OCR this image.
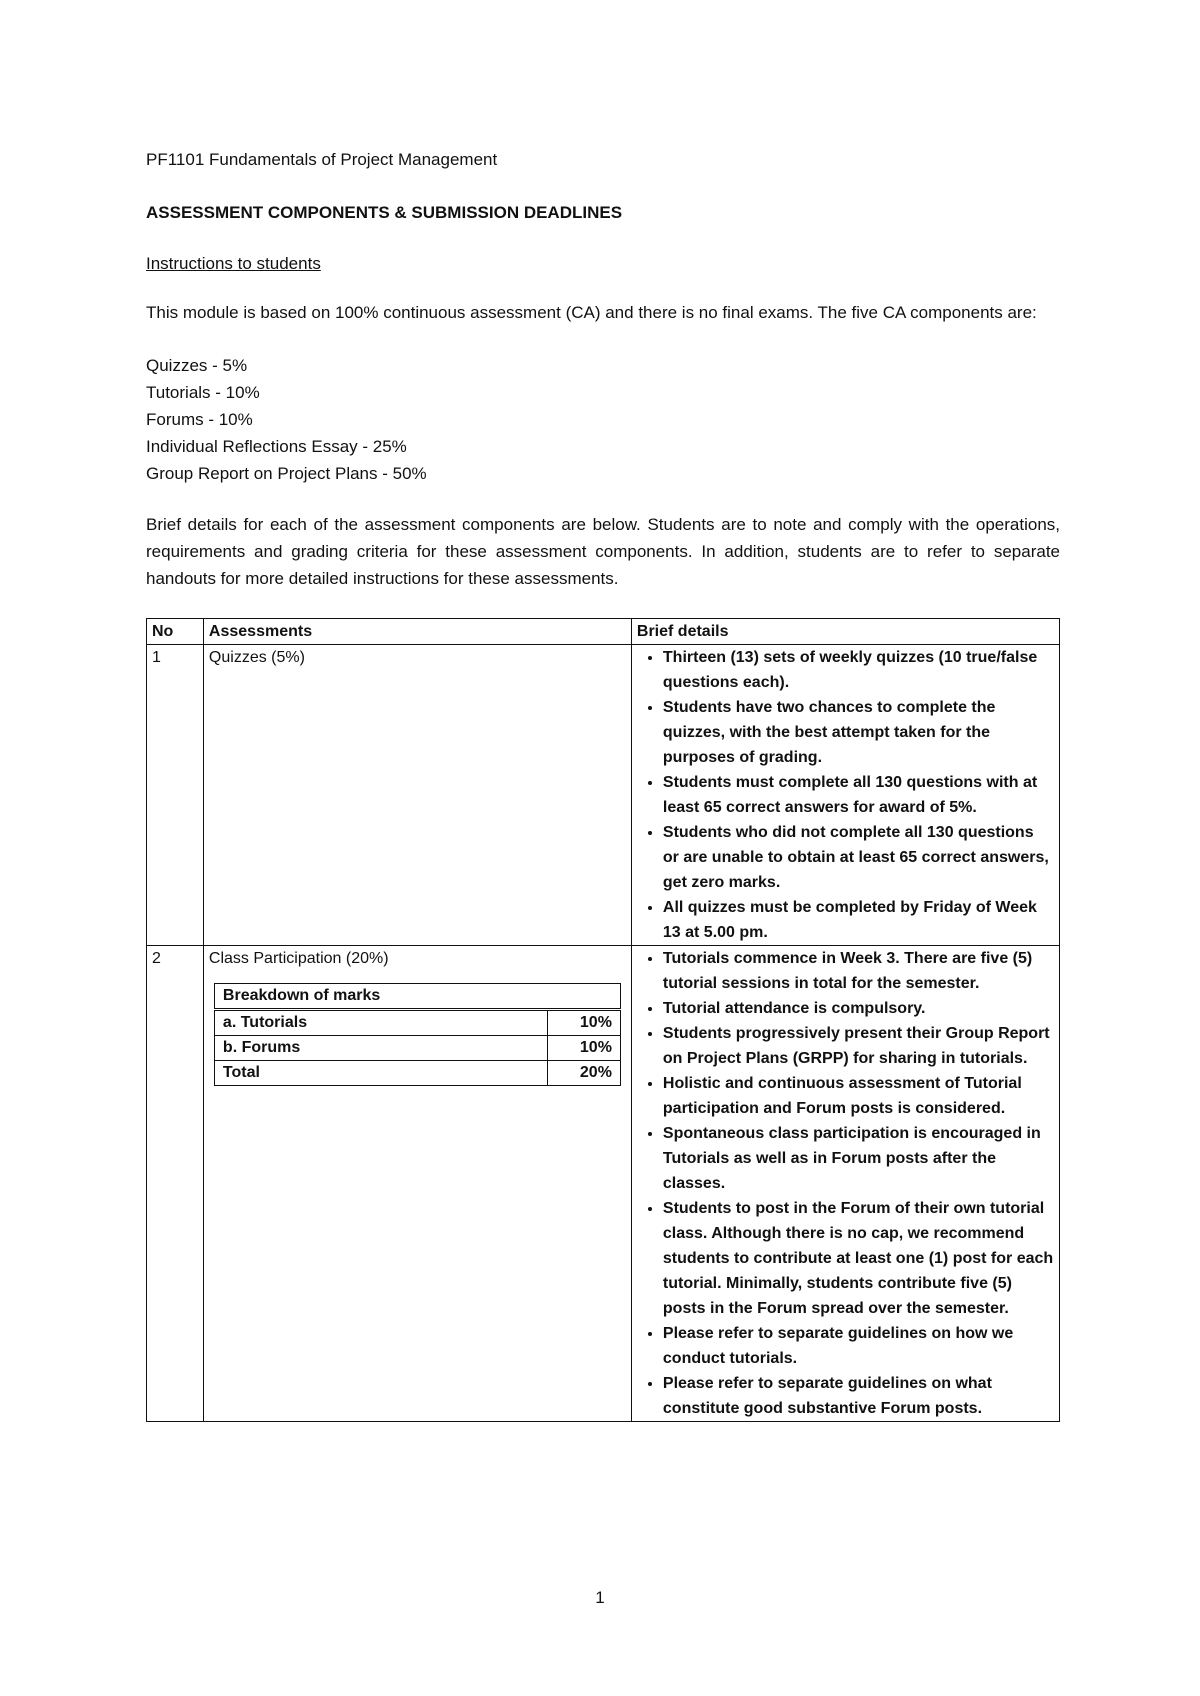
PF1101 Fundamentals of Project Management
ASSESSMENT COMPONENTS & SUBMISSION DEADLINES
Instructions to students

This module is based on 100% continuous assessment (CA) and there is no final exams. The five CA components are:

Quizzes - 5%
Tutorials - 10%
Forums - 10%
Individual Reflections Essay - 25%
Group Report on Project Plans - 50%

Brief details for each of the assessment components are below. Students are to note and comply with the operations, requirements and grading criteria for these assessment components. In addition, students are to refer to separate handouts for more detailed instructions for these assessments.

No	Assessments	Brief details
1	Quizzes (5%)	
•Thirteen (13) sets of weekly quizzes (10 true/false questions each).
• Students have two chances to complete the quizzes, with the best attempt taken for the purposes of grading.
• Students must complete all 130 questions with at least 65 correct answers for award of 5%.
• Students who did not complete all 130 questions or are unable to obtain at least 65 correct answers, get zero marks.
• All quizzes must be completed by Friday of Week 13 at 5.00 pm.

2	Class Participation (20%)
Breakdown of marks
a. Tutorials	10%
b. Forums	10%
Total	20%

• Tutorials commence in Week 3. There are five (5) tutorial sessions in total for the semester.
• Tutorial attendance is compulsory.
• Students progressively present their Group Report on Project Plans (GRPP) for sharing in tutorials.
• Holistic and continuous assessment of Tutorial participation and Forum posts is considered.
• Spontaneous class participation is encouraged in Tutorials as well as in Forum posts after the classes.
• Students to post in the Forum of their own tutorial class. Although there is no cap, we recommend students to contribute at least one (1) post for each tutorial. Minimally, students contribute five (5) posts in the Forum spread over the semester.
• Please refer to separate guidelines on how we conduct tutorials.
• Please refer to separate guidelines on what constitute good substantive Forum posts.
1
